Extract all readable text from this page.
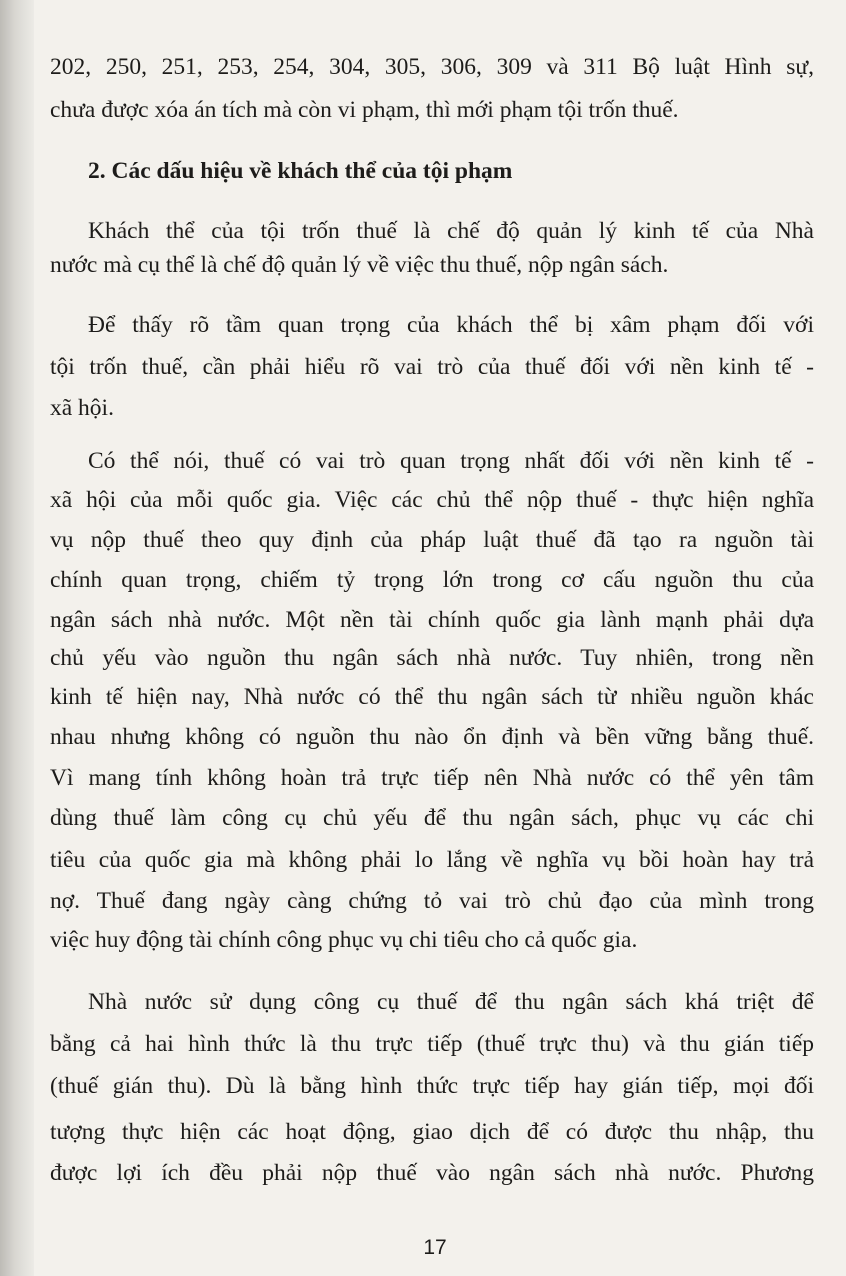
202, 250, 251, 253, 254, 304, 305, 306, 309 và 311 Bộ luật Hình sự,
chưa được xóa án tích mà còn vi phạm, thì mới phạm tội trốn thuế.
2. Các dấu hiệu về khách thể của tội phạm
Khách thể của tội trốn thuế là chế độ quản lý kinh tế của Nhà
nước mà cụ thể là chế độ quản lý về việc thu thuế, nộp ngân sách.
Để thấy rõ tầm quan trọng của khách thể bị xâm phạm đối với
tội trốn thuế, cần phải hiểu rõ vai trò của thuế đối với nền kinh tế -
xã hội.
Có thể nói, thuế có vai trò quan trọng nhất đối với nền kinh tế -
xã hội của mỗi quốc gia. Việc các chủ thể nộp thuế - thực hiện nghĩa
vụ nộp thuế theo quy định của pháp luật thuế đã tạo ra nguồn tài
chính quan trọng, chiếm tỷ trọng lớn trong cơ cấu nguồn thu của
ngân sách nhà nước. Một nền tài chính quốc gia lành mạnh phải dựa
chủ yếu vào nguồn thu ngân sách nhà nước. Tuy nhiên, trong nền
kinh tế hiện nay, Nhà nước có thể thu ngân sách từ nhiều nguồn khác
nhau nhưng không có nguồn thu nào ổn định và bền vững bằng thuế.
Vì mang tính không hoàn trả trực tiếp nên Nhà nước có thể yên tâm
dùng thuế làm công cụ chủ yếu để thu ngân sách, phục vụ các chi
tiêu của quốc gia mà không phải lo lắng về nghĩa vụ bồi hoàn hay trả
nợ. Thuế đang ngày càng chứng tỏ vai trò chủ đạo của mình trong
việc huy động tài chính công phục vụ chi tiêu cho cả quốc gia.
Nhà nước sử dụng công cụ thuế để thu ngân sách khá triệt để
bằng cả hai hình thức là thu trực tiếp (thuế trực thu) và thu gián tiếp
(thuế gián thu). Dù là bằng hình thức trực tiếp hay gián tiếp, mọi đối
tượng thực hiện các hoạt động, giao dịch để có được thu nhập, thu
được lợi ích đều phải nộp thuế vào ngân sách nhà nước. Phương
17
